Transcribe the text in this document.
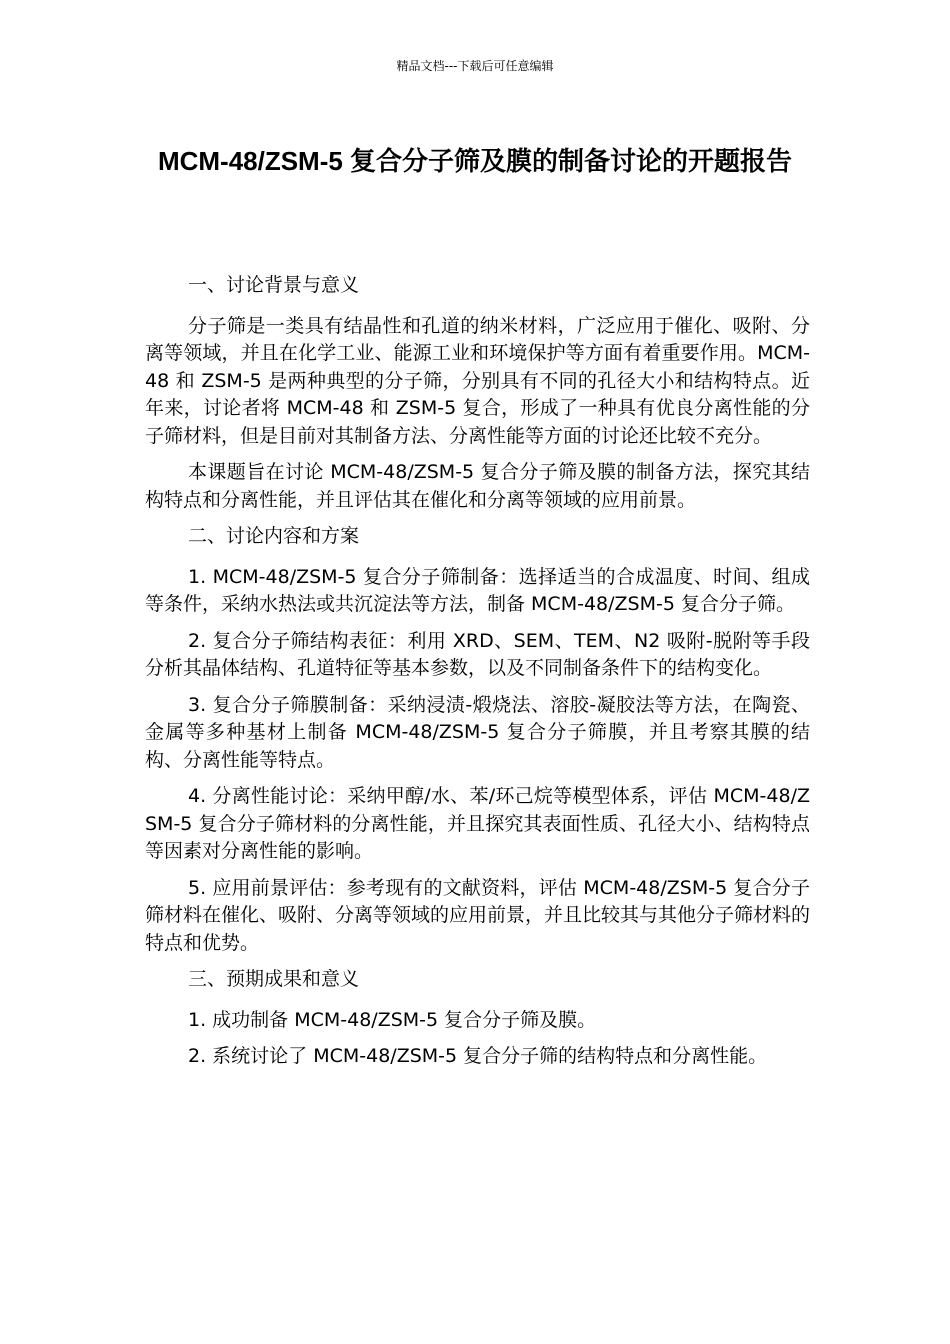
精品文档---下载后可任意编辑
MCM-48/ZSM-5 复合分子筛及膜的制备讨论的开题报告

一、讨论背景与意义

分子筛是一类具有结晶性和孔道的纳米材料，广泛应用于催化、吸附、分离等领域，并且在化学工业、能源工业和环境保护等方面有着重要作用。MCM-48 和 ZSM-5 是两种典型的分子筛，分别具有不同的孔径大小和结构特点。近年来，讨论者将 MCM-48 和 ZSM-5 复合，形成了一种具有优良分离性能的分子筛材料，但是目前对其制备方法、分离性能等方面的讨论还比较不充分。

本课题旨在讨论 MCM-48/ZSM-5 复合分子筛及膜的制备方法，探究其结构特点和分离性能，并且评估其在催化和分离等领域的应用前景。

二、讨论内容和方案

1. MCM-48/ZSM-5 复合分子筛制备：选择适当的合成温度、时间、组成等条件，采纳水热法或共沉淀法等方法，制备 MCM-48/ZSM-5 复合分子筛。

2. 复合分子筛结构表征：利用 XRD、SEM、TEM、N2 吸附-脱附等手段分析其晶体结构、孔道特征等基本参数，以及不同制备条件下的结构变化。

3. 复合分子筛膜制备：采纳浸渍-煅烧法、溶胶-凝胶法等方法，在陶瓷、金属等多种基材上制备 MCM-48/ZSM-5 复合分子筛膜，并且考察其膜的结构、分离性能等特点。

4. 分离性能讨论：采纳甲醇/水、苯/环己烷等模型体系，评估 MCM-48/ZSM-5 复合分子筛材料的分离性能，并且探究其表面性质、孔径大小、结构特点等因素对分离性能的影响。

5. 应用前景评估：参考现有的文献资料，评估 MCM-48/ZSM-5 复合分子筛材料在催化、吸附、分离等领域的应用前景，并且比较其与其他分子筛材料的特点和优势。

三、预期成果和意义

1. 成功制备 MCM-48/ZSM-5 复合分子筛及膜。

2. 系统讨论了 MCM-48/ZSM-5 复合分子筛的结构特点和分离性能。
